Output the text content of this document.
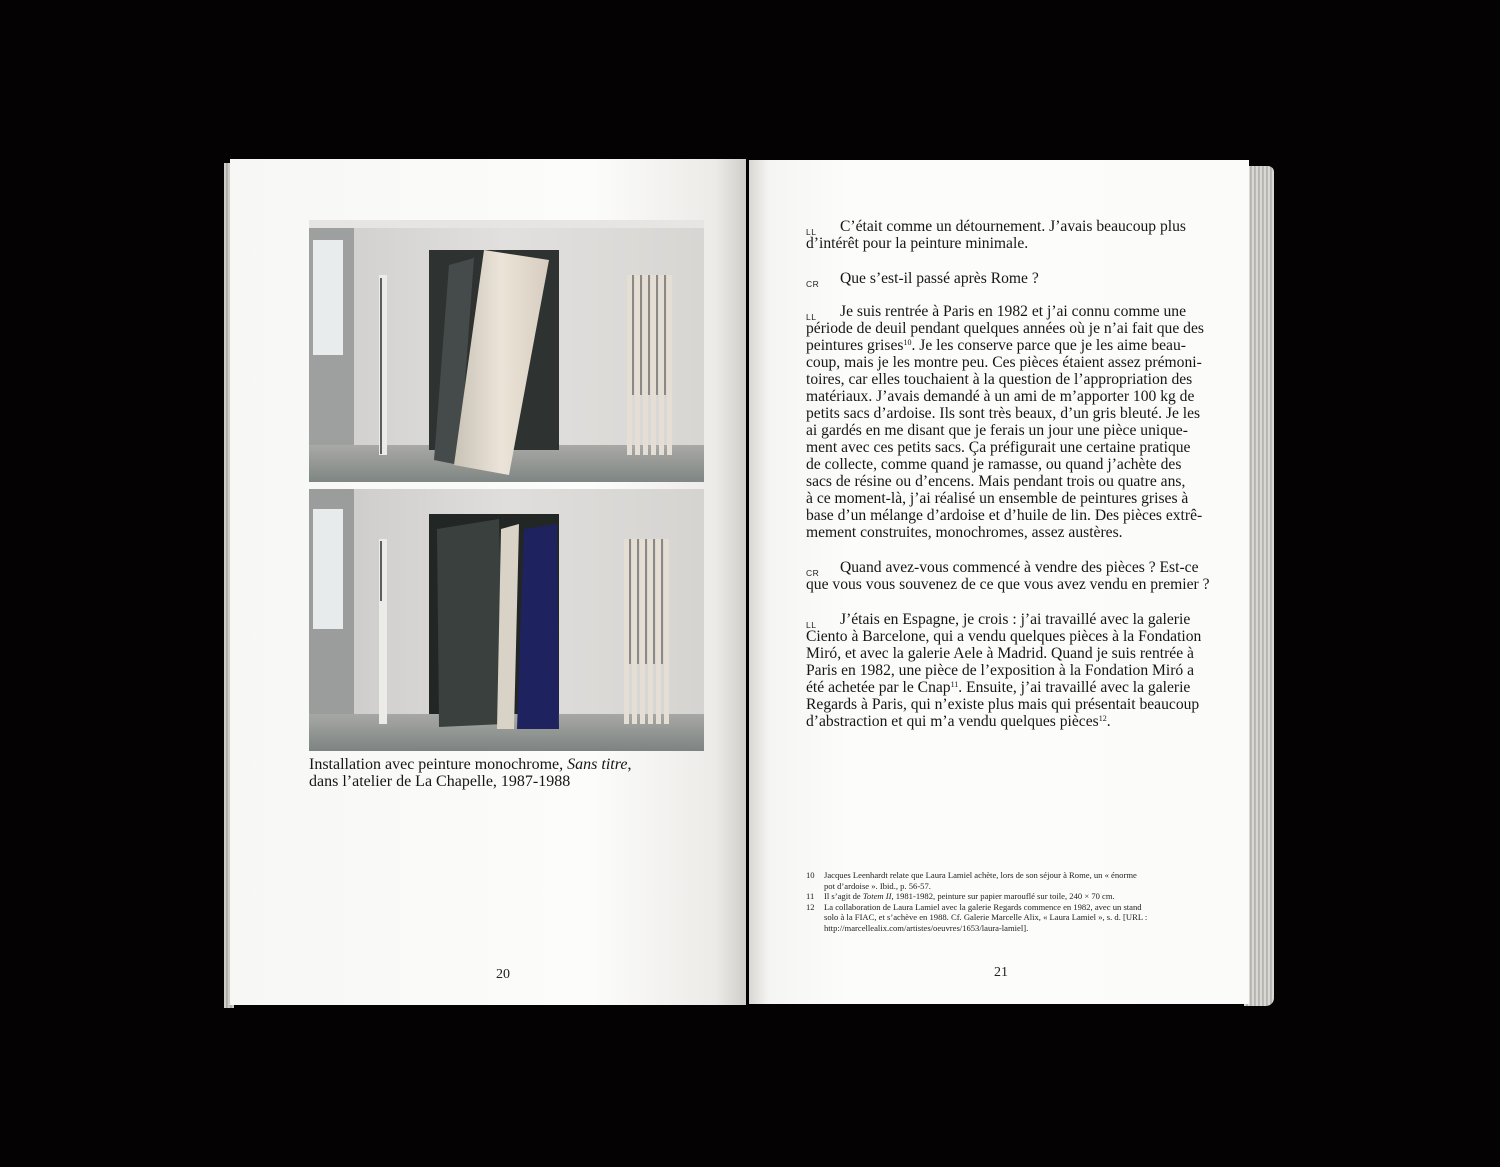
Installation avec peinture monochrome, Sans titre,
dans l’atelier de La Chapelle, 1987-1988
20	21
LL C’était comme un détournement. J’avais beaucoup plus
d’intérêt pour la peinture minimale.
CR Que s’est-il passé après Rome ?
LL Je suis rentrée à Paris en 1982 et j’ai connu comme une
période de deuil pendant quelques années où je n’ai fait que des
peintures grises$^{10}$. Je les conserve parce que je les aime beau-
coup, mais je les montre peu. Ces pièces étaient assez prémoni-
toires, car elles touchaient à la question de l’appropriation des
matériaux. J’avais demandé à un ami de m’apporter 100 kg de
petits sacs d’ardoise. Ils sont très beaux, d’un gris bleuté. Je les
ai gardés en me disant que je ferais un jour une pièce unique-
ment avec ces petits sacs. Ça préfigurait une certaine pratique
de collecte, comme quand je ramasse, ou quand j’achète des
sacs de résine ou d’encens. Mais pendant trois ou quatre ans,
à ce moment-là, j’ai réalisé un ensemble de peintures grises à
base d’un mélange d’ardoise et d’huile de lin. Des pièces extrê-
mement construites, monochromes, assez austères.
CR Quand avez-vous commencé à vendre des pièces ? Est-ce
que vous vous souvenez de ce que vous avez vendu en premier ?
LL J’étais en Espagne, je crois : j’ai travaillé avec la galerie
Ciento à Barcelone, qui a vendu quelques pièces à la Fondation
Miró, et avec la galerie Aele à Madrid. Quand je suis rentrée à
Paris en 1982, une pièce de l’exposition à la Fondation Miró a
été achetée par le Cnap$^{11}$. Ensuite, j’ai travaillé avec la galerie
Regards à Paris, qui n’existe plus mais qui présentait beaucoup
d’abstraction et qui m’a vendu quelques pièces$^{12}$.
10 Jacques Leenhardt relate que Laura Lamiel achète, lors de son séjour à Rome, un « énorme
pot d’ardoise ». Ibid., p. 56-57.
11 Il s’agit de Totem II, 1981-1982, peinture sur papier marouflé sur toile, 240 × 70 cm.
12 La collaboration de Laura Lamiel avec la galerie Regards commence en 1982, avec un stand
solo à la FIAC, et s’achève en 1988. Cf. Galerie Marcelle Alix, « Laura Lamiel », s. d. [URL :
http://marcellealix.com/artistes/oeuvres/1653/laura-lamiel].
